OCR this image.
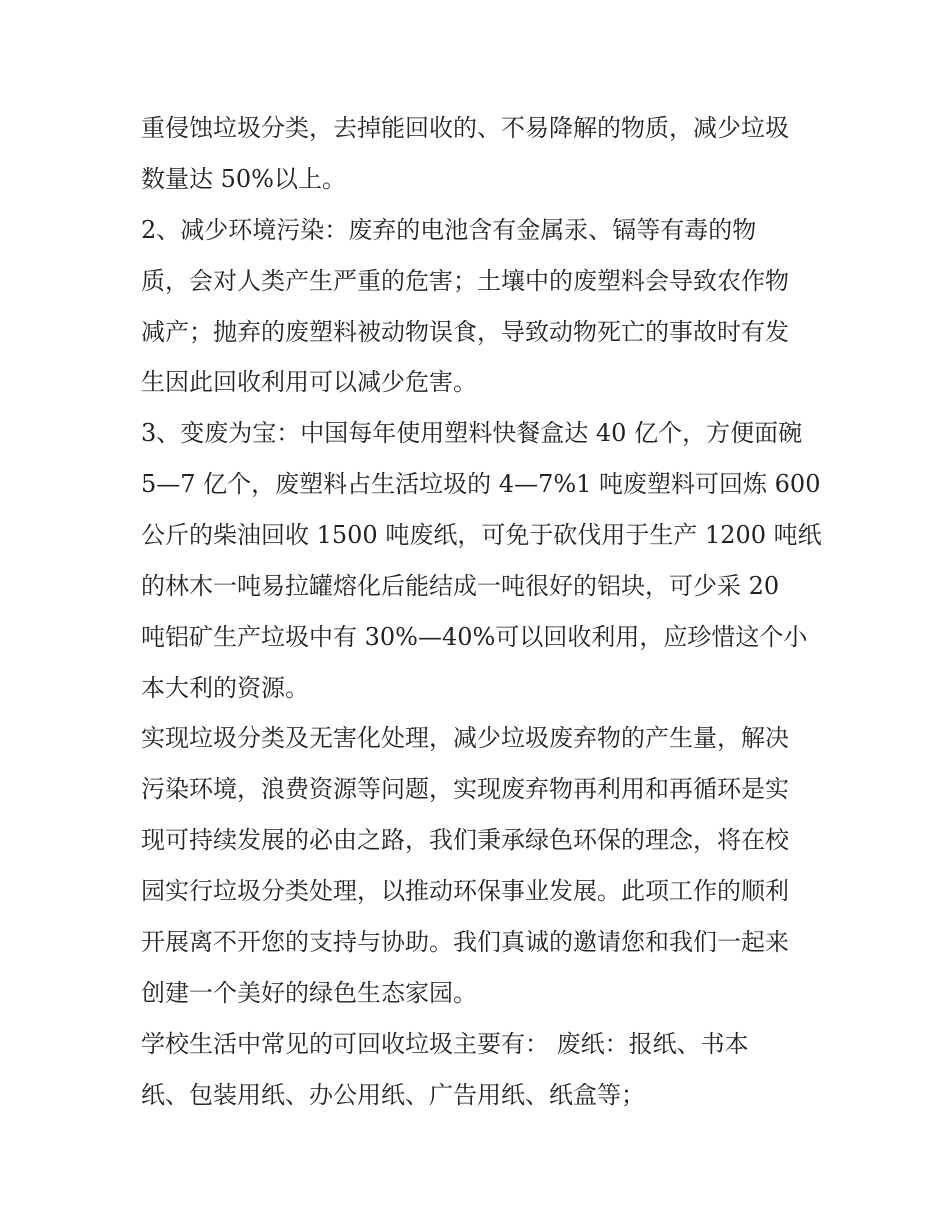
重侵蚀垃圾分类，去掉能回收的、不易降解的物质，减少垃圾

数量达 50%以上。

2、减少环境污染：废弃的电池含有金属汞、镉等有毒的物

质，会对人类产生严重的危害；土壤中的废塑料会导致农作物

减产；抛弃的废塑料被动物误食，导致动物死亡的事故时有发

生因此回收利用可以减少危害。

3、变废为宝：中国每年使用塑料快餐盒达 40 亿个，方便面碗

5—7 亿个，废塑料占生活垃圾的 4—7%1 吨废塑料可回炼 600

公斤的柴油回收 1500 吨废纸，可免于砍伐用于生产 1200 吨纸

的林木一吨易拉罐熔化后能结成一吨很好的铝块，可少采 20

吨铝矿生产垃圾中有 30%—40%可以回收利用，应珍惜这个小

本大利的资源。

实现垃圾分类及无害化处理，减少垃圾废弃物的产生量，解决

污染环境，浪费资源等问题，实现废弃物再利用和再循环是实

现可持续发展的必由之路，我们秉承绿色环保的理念，将在校

园实行垃圾分类处理，以推动环保事业发展。此项工作的顺利

开展离不开您的支持与协助。我们真诚的邀请您和我们一起来

创建一个美好的绿色生态家园。

学校生活中常见的可回收垃圾主要有： 废纸：报纸、书本

纸、包装用纸、办公用纸、广告用纸、纸盒等；
